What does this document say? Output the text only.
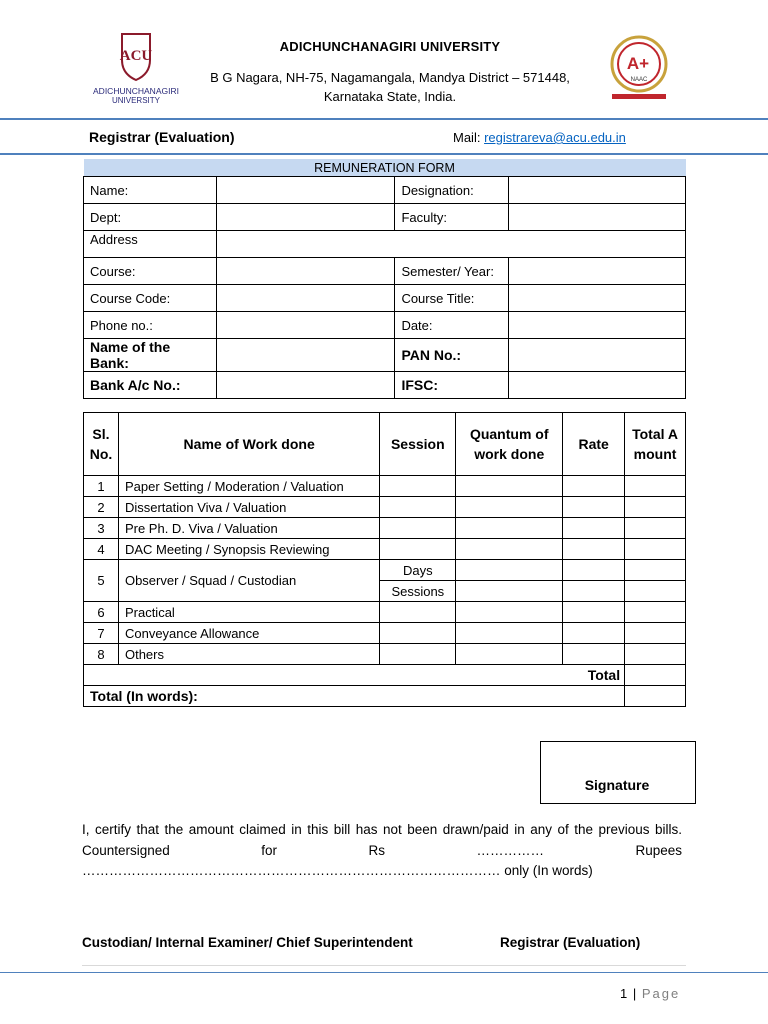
ACU
ADICHUNCHANAGIRI
UNIVERSITY
ADICHUNCHANAGIRI UNIVERSITY
B G Nagara, NH-75, Nagamangala, Mandya District – 571448,
Karnataka State, India.
A+
NAAC
Registrar (Evaluation)	Mail: registrareva@acu.edu.in
REMUNERATION FORM			
Name:		Designation:	
Dept:		Faculty:	
Address			
Course:		Semester/ Year:	
Course Code:		Course Title:	
Phone no.:		Date:	
Name of the Bank:		PAN No.:	
Bank A/c No.:		IFSC:	
Sl. No.	Name of Work done	Session	Quantum of work done	Rate	Total Amount
1	Paper Setting / Moderation / Valuation				
2	Dissertation Viva / Valuation				
3	Pre Ph. D. Viva / Valuation				
4	DAC Meeting / Synopsis Reviewing				
5	Observer / Squad / Custodian	Days			
		Sessions			
6	Practical				
7	Conveyance Allowance				
8	Others				
Total					
Total (In words):					
Signature
I, certify that the amount claimed in this bill has not been drawn/paid in any of the previous bills. Countersigned for Rs …………… Rupees ………………………………………………………………………………… only (In words)
Custodian/ Internal Examiner/ Chief Superintendent	Registrar (Evaluation)
1 | Page
